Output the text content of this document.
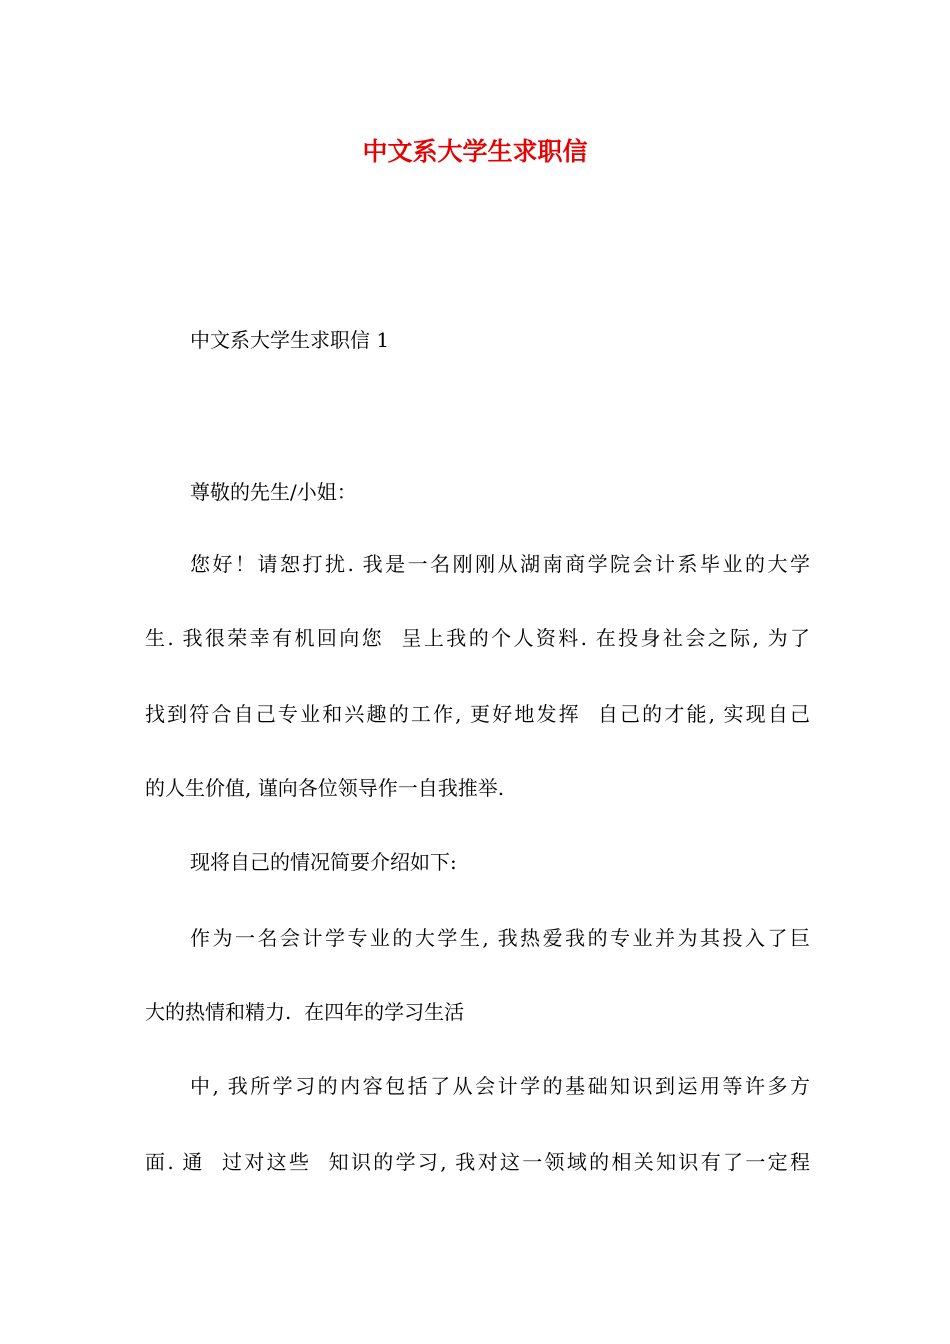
中文系大学生求职信

中文系大学生求职信 1

尊敬的先生/小姐：

您好！请恕打扰. 我是一名刚刚从湖南商学院会计系毕业的大学

生. 我很荣幸有机回向您  呈上我的个人资料. 在投身社会之际, 为了

找到符合自己专业和兴趣的工作, 更好地发挥  自己的才能, 实现自己

的人生价值, 谨向各位领导作一自我推举.

现将自己的情况简要介绍如下:

作为一名会计学专业的大学生, 我热爱我的专业并为其投入了巨

大的热情和精力.  在四年的学习生活

中, 我所学习的内容包括了从会计学的基础知识到运用等许多方

面. 通  过对这些  知识的学习, 我对这一领域的相关知识有了一定程
